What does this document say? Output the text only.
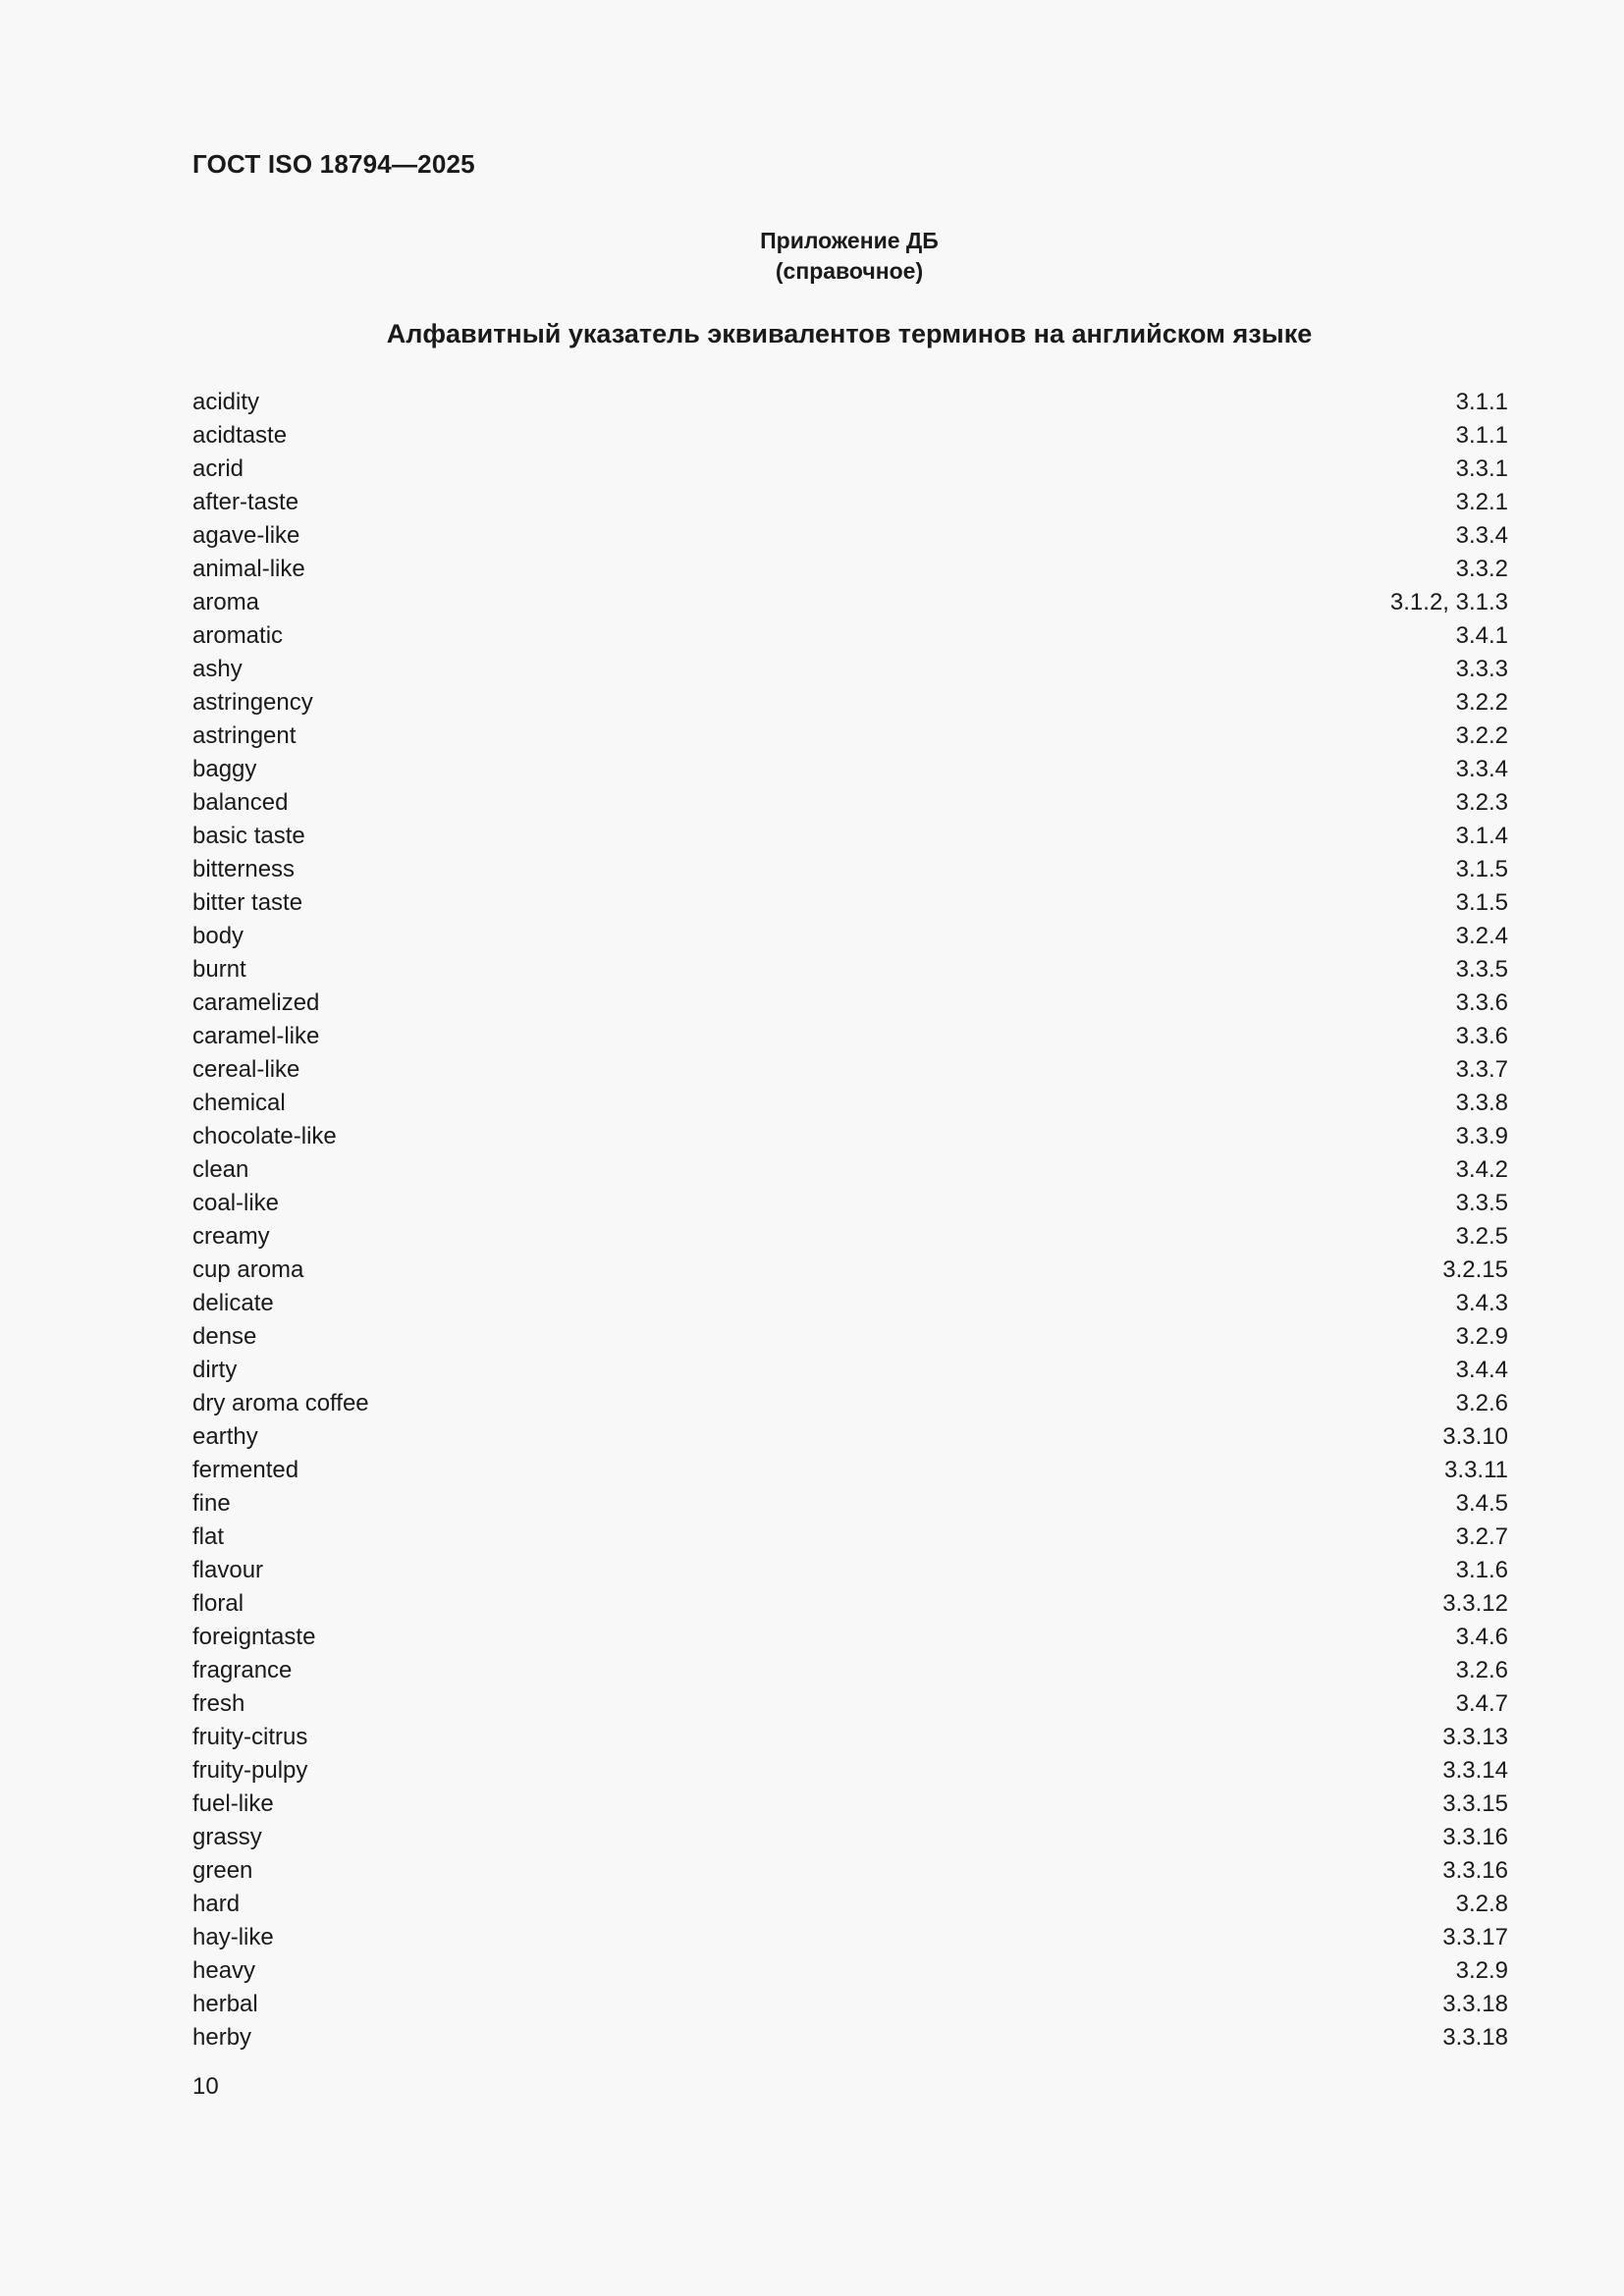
ГОСТ ISO 18794—2025
Приложение ДБ
(справочное)
Алфавитный указатель эквивалентов терминов на английском языке
acidity	3.1.1
acidtaste	3.1.1
acrid	3.3.1
after-taste	3.2.1
agave-like	3.3.4
animal-like	3.3.2
aroma	3.1.2, 3.1.3
aromatic	3.4.1
ashy	3.3.3
astringency	3.2.2
astringent	3.2.2
baggy	3.3.4
balanced	3.2.3
basic taste	3.1.4
bitterness	3.1.5
bitter taste	3.1.5
body	3.2.4
burnt	3.3.5
caramelized	3.3.6
caramel-like	3.3.6
cereal-like	3.3.7
chemical	3.3.8
chocolate-like	3.3.9
clean	3.4.2
coal-like	3.3.5
creamy	3.2.5
cup aroma	3.2.15
delicate	3.4.3
dense	3.2.9
dirty	3.4.4
dry aroma coffee	3.2.6
earthy	3.3.10
fermented	3.3.11
fine	3.4.5
flat	3.2.7
flavour	3.1.6
floral	3.3.12
foreigntaste	3.4.6
fragrance	3.2.6
fresh	3.4.7
fruity-citrus	3.3.13
fruity-pulpy	3.3.14
fuel-like	3.3.15
grassy	3.3.16
green	3.3.16
hard	3.2.8
hay-like	3.3.17
heavy	3.2.9
herbal	3.3.18
herby	3.3.18
10
